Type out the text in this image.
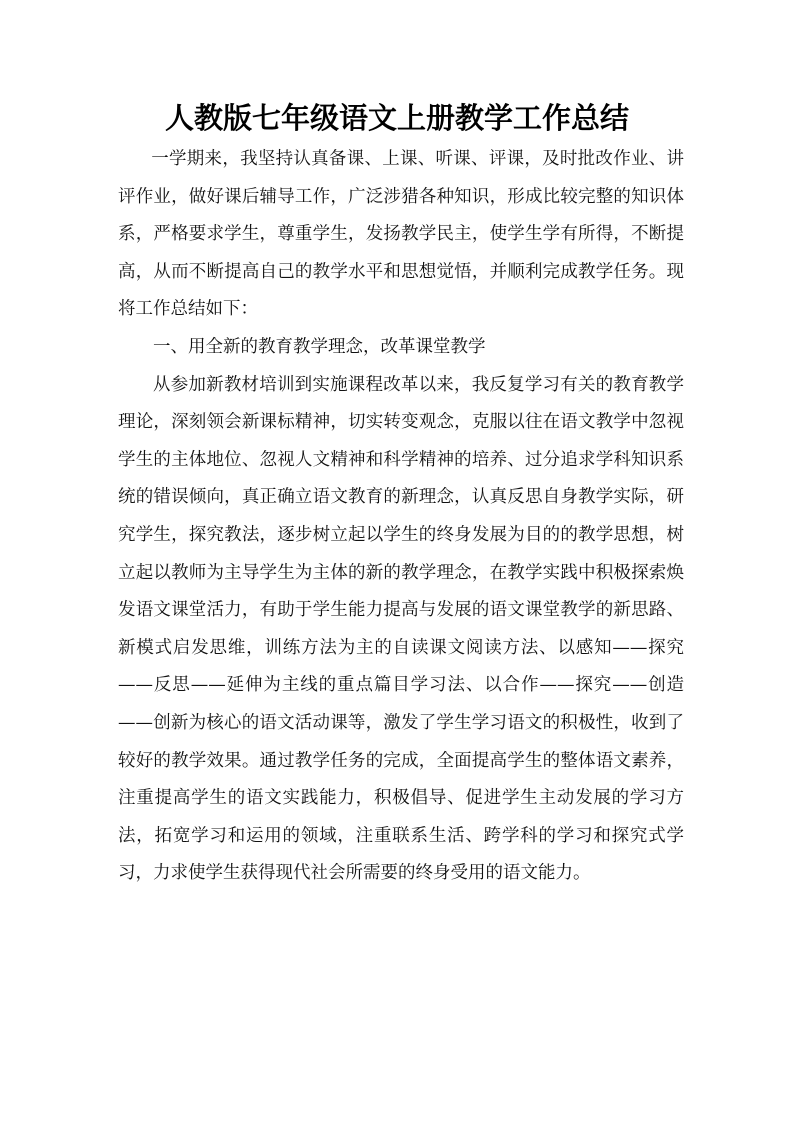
人教版七年级语文上册教学工作总结

一学期来，我坚持认真备课、上课、听课、评课，及时批改作业、讲评作业，做好课后辅导工作，广泛涉猎各种知识，形成比较完整的知识体系，严格要求学生，尊重学生，发扬教学民主，使学生学有所得，不断提高，从而不断提高自己的教学水平和思想觉悟，并顺利完成教学任务。现将工作总结如下：

一、用全新的教育教学理念，改革课堂教学

从参加新教材培训到实施课程改革以来，我反复学习有关的教育教学理论，深刻领会新课标精神，切实转变观念，克服以往在语文教学中忽视学生的主体地位、忽视人文精神和科学精神的培养、过分追求学科知识系统的错误倾向，真正确立语文教育的新理念，认真反思自身教学实际，研究学生，探究教法，逐步树立起以学生的终身发展为目的的教学思想，树立起以教师为主导学生为主体的新的教学理念，在教学实践中积极探索焕发语文课堂活力，有助于学生能力提高与发展的语文课堂教学的新思路、新模式启发思维，训练方法为主的自读课文阅读方法、以感知——探究——反思——延伸为主线的重点篇目学习法、以合作——探究——创造——创新为核心的语文活动课等，激发了学生学习语文的积极性，收到了较好的教学效果。通过教学任务的完成，全面提高学生的整体语文素养，注重提高学生的语文实践能力，积极倡导、促进学生主动发展的学习方法，拓宽学习和运用的领域，注重联系生活、跨学科的学习和探究式学习，力求使学生获得现代社会所需要的终身受用的语文能力。
